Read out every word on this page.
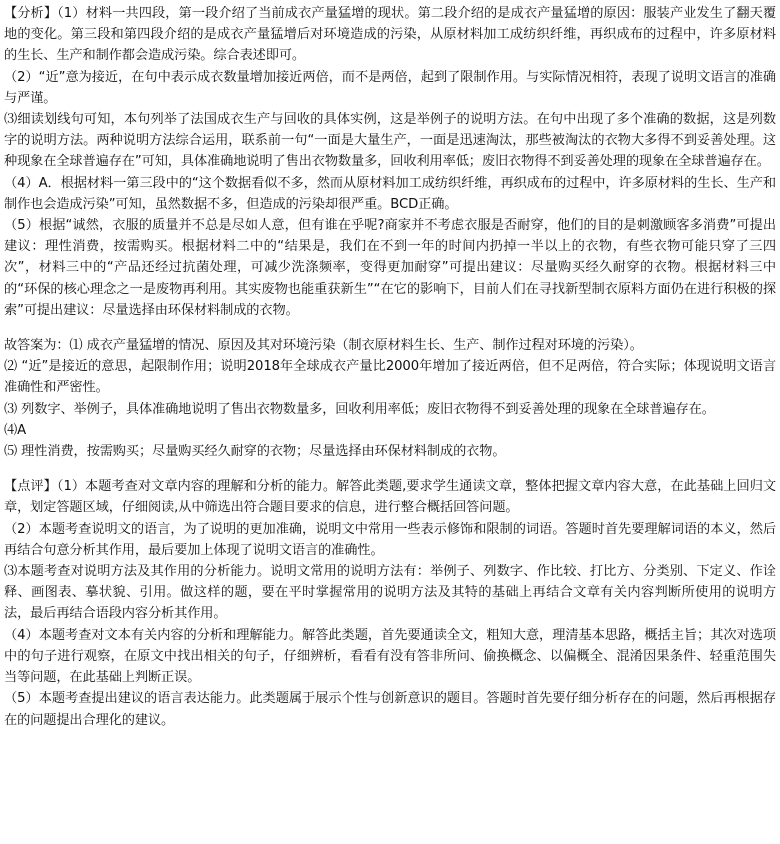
【分析】（1）材料一共四段，第一段介绍了当前成衣产量猛增的现状。第二段介绍的是成衣产量猛增的原因：服装产业发生了翻天覆地的变化。第三段和第四段介绍的是成衣产量猛增后对环境造成的污染，从原材料加工成纺织纤维，再织成布的过程中，许多原材料的生长、生产和制作都会造成污染。综合表述即可。

（2）“近”意为接近，在句中表示成衣数量增加接近两倍，而不是两倍，起到了限制作用。与实际情况相符，表现了说明文语言的准确与严谨。

⑶细读划线句可知，本句列举了法国成衣生产与回收的具体实例，这是举例子的说明方法。在句中出现了多个准确的数据，这是列数字的说明方法。两种说明方法综合运用，联系前一句“一面是大量生产，一面是迅速淘汰，那些被淘汰的衣物大多得不到妥善处理。这种现象在全球普遍存在”可知，具体准确地说明了售出衣物数量多，回收利用率低；废旧衣物得不到妥善处理的现象在全球普遍存在。

（4）A．根据材料一第三段中的“这个数据看似不多，然而从原材料加工成纺织纤维，再织成布的过程中，许多原材料的生长、生产和制作也会造成污染”可知，虽然数据不多，但造成的污染却很严重。BCD正确。

（5）根据“诚然，衣服的质量并不总是尽如人意，但有谁在乎呢?商家并不考虑衣服是否耐穿，他们的目的是刺激顾客多消费”可提出建议：理性消费，按需购买。根据材料二中的“结果是，我们在不到一年的时间内扔掉一半以上的衣物，有些衣物可能只穿了三四次”，材料三中的“产品还经过抗菌处理，可减少洗涤频率，变得更加耐穿”可提出建议：尽量购买经久耐穿的衣物。根据材料三中的“环保的核心理念之一是废物再利用。其实废物也能重获新生”“在它的影响下，目前人们在寻找新型制衣原料方面仍在进行积极的探索”可提出建议：尽量选择由环保材料制成的衣物。

故答案为：⑴ 成衣产量猛增的情况、原因及其对环境污染（制衣原材料生长、生产、制作过程对环境的污染）。

⑵ “近”是接近的意思，起限制作用；说明2018年全球成衣产量比2000年增加了接近两倍，但不足两倍，符合实际；体现说明文语言准确性和严密性。

⑶ 列数字、举例子，具体准确地说明了售出衣物数量多，回收利用率低；废旧衣物得不到妥善处理的现象在全球普遍存在。

⑷A

⑸ 理性消费，按需购买；尽量购买经久耐穿的衣物；尽量选择由环保材料制成的衣物。

【点评】（1）本题考查对文章内容的理解和分析的能力。解答此类题,要求学生通读文章，整体把握文章内容大意，在此基础上回归文章，划定答题区域，仔细阅读,从中筛选出符合题目要求的信息，进行整合概括回答问题。

（2）本题考查说明文的语言，为了说明的更加准确，说明文中常用一些表示修饰和限制的词语。答题时首先要理解词语的本义，然后再结合句意分析其作用，最后要加上体现了说明文语言的准确性。

⑶本题考查对说明方法及其作用的分析能力。说明文常用的说明方法有：举例子、列数字、作比较、打比方、分类别、下定义、作诠释、画图表、摹状貌、引用。做这样的题，要在平时掌握常用的说明方法及其特的基础上再结合文章有关内容判断所使用的说明方法，最后再结合语段内容分析其作用。

（4）本题考查对文本有关内容的分析和理解能力。解答此类题，首先要通读全文，粗知大意，理清基本思路，概括主旨；其次对选项中的句子进行观察，在原文中找出相关的句子，仔细辨析，看看有没有答非所问、偷换概念、以偏概全、混淆因果条件、轻重范围失当等问题，在此基础上判断正误。

（5）本题考查提出建议的语言表达能力。此类题属于展示个性与创新意识的题目。答题时首先要仔细分析存在的问题，然后再根据存在的问题提出合理化的建议。
